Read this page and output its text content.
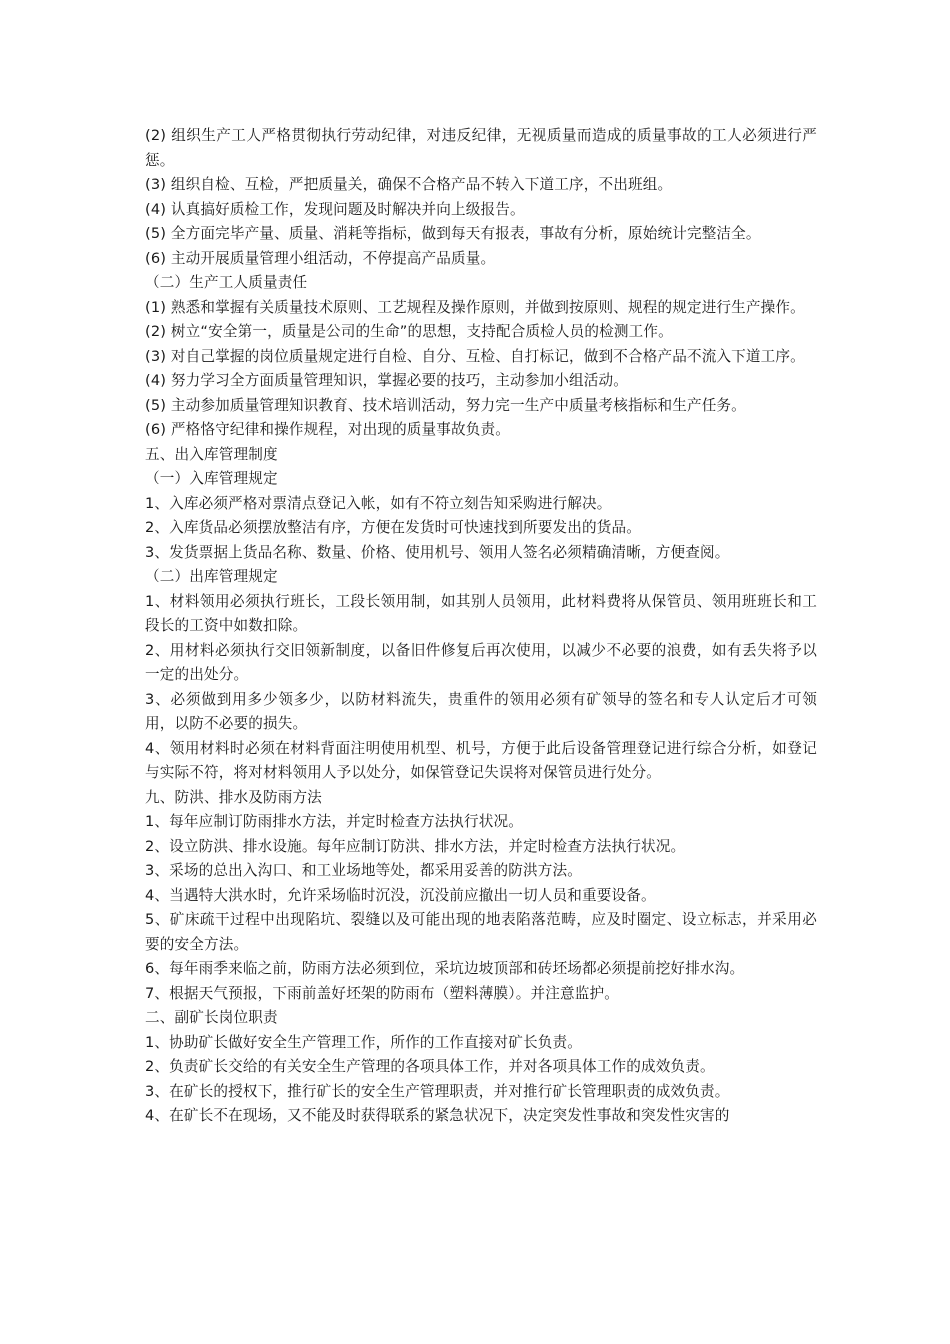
(2) 组织生产工人严格贯彻执行劳动纪律，对违反纪律，无视质量而造成的质量事故的工人必须进行严惩。

(3) 组织自检、互检，严把质量关，确保不合格产品不转入下道工序，不出班组。

(4) 认真搞好质检工作，发现问题及时解决并向上级报告。

(5) 全方面完毕产量、质量、消耗等指标，做到每天有报表，事故有分析，原始统计完整洁全。

(6) 主动开展质量管理小组活动，不停提高产品质量。

（二）生产工人质量责任

(1) 熟悉和掌握有关质量技术原则、工艺规程及操作原则，并做到按原则、规程的规定进行生产操作。

(2) 树立“安全第一，质量是公司的生命”的思想，支持配合质检人员的检测工作。

(3) 对自己掌握的岗位质量规定进行自检、自分、互检、自打标记，做到不合格产品不流入下道工序。

(4) 努力学习全方面质量管理知识，掌握必要的技巧，主动参加小组活动。

(5) 主动参加质量管理知识教育、技术培训活动，努力完一生产中质量考核指标和生产任务。

(6) 严格恪守纪律和操作规程，对出现的质量事故负责。

五、出入库管理制度

（一）入库管理规定

1、入库必须严格对票清点登记入帐，如有不符立刻告知采购进行解决。

2、入库货品必须摆放整洁有序，方便在发货时可快速找到所要发出的货品。

3、发货票据上货品名称、数量、价格、使用机号、领用人签名必须精确清晰，方便查阅。

（二）出库管理规定

1、材料领用必须执行班长，工段长领用制，如其别人员领用，此材料费将从保管员、领用班班长和工段长的工资中如数扣除。

2、用材料必须执行交旧领新制度，以备旧件修复后再次使用，以减少不必要的浪费，如有丢失将予以一定的出处分。

3、必须做到用多少领多少，以防材料流失，贵重件的领用必须有矿领导的签名和专人认定后才可领用，以防不必要的损失。

4、领用材料时必须在材料背面注明使用机型、机号，方便于此后设备管理登记进行综合分析，如登记与实际不符，将对材料领用人予以处分，如保管登记失误将对保管员进行处分。

九、防洪、排水及防雨方法

1、每年应制订防雨排水方法，并定时检查方法执行状况。

2、设立防洪、排水设施。每年应制订防洪、排水方法，并定时检查方法执行状况。

3、采场的总出入沟口、和工业场地等处，都采用妥善的防洪方法。

4、当遇特大洪水时，允许采场临时沉没，沉没前应撤出一切人员和重要设备。

5、矿床疏干过程中出现陷坑、裂缝以及可能出现的地表陷落范畴，应及时圈定、设立标志，并采用必要的安全方法。

6、每年雨季来临之前，防雨方法必须到位，采坑边坡顶部和砖坯场都必须提前挖好排水沟。

7、根据天气预报，下雨前盖好坯架的防雨布（塑料薄膜）。并注意监护。

二、副矿长岗位职责

1、协助矿长做好安全生产管理工作，所作的工作直接对矿长负责。

2、负责矿长交给的有关安全生产管理的各项具体工作，并对各项具体工作的成效负责。

3、在矿长的授权下，推行矿长的安全生产管理职责，并对推行矿长管理职责的成效负责。

4、在矿长不在现场，又不能及时获得联系的紧急状况下，决定突发性事故和突发性灾害的
